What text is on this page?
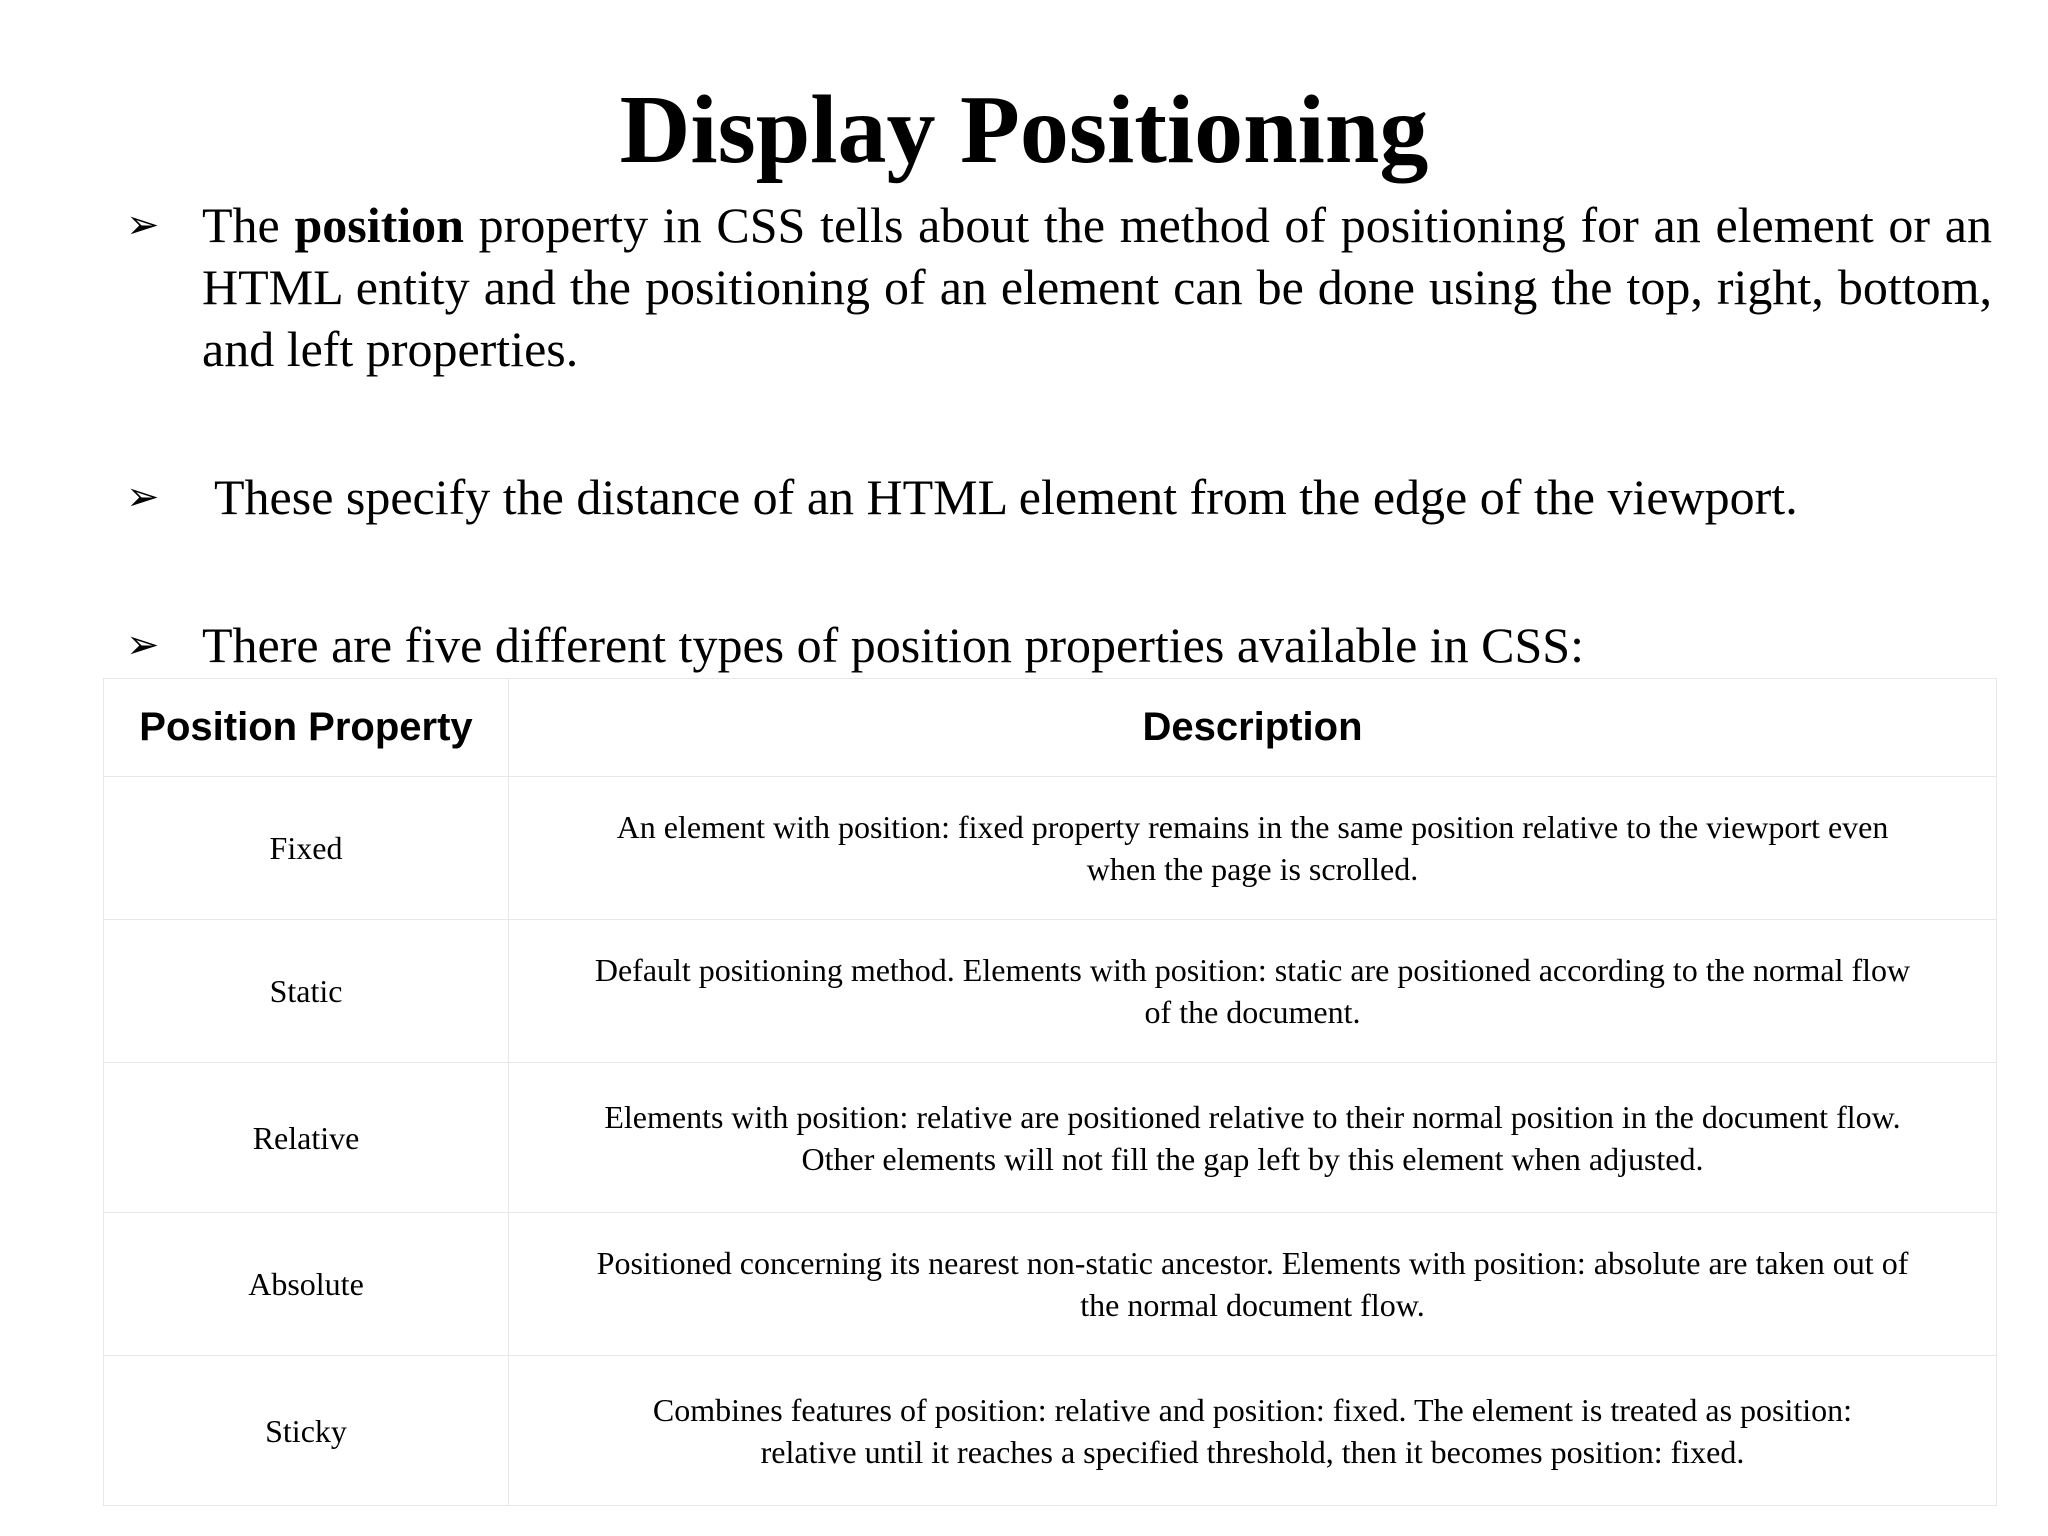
Display Positioning
➢ The position property in CSS tells about the method of positioning for an element or an HTML entity and the positioning of an element can be done using the top, right, bottom, and left properties.
➢ These specify the distance of an HTML element from the edge of the viewport.
➢ There are five different types of position properties available in CSS:
Position Property	Description
Fixed	An element with position: fixed property remains in the same position relative to the viewport even
when the page is scrolled.
Static	Default positioning method. Elements with position: static are positioned according to the normal flow
of the document.
Relative	Elements with position: relative are positioned relative to their normal position in the document flow.
Other elements will not fill the gap left by this element when adjusted.
Absolute	Positioned concerning its nearest non-static ancestor. Elements with position: absolute are taken out of
the normal document flow.
Sticky	Combines features of position: relative and position: fixed. The element is treated as position:
relative until it reaches a specified threshold, then it becomes position: fixed.
